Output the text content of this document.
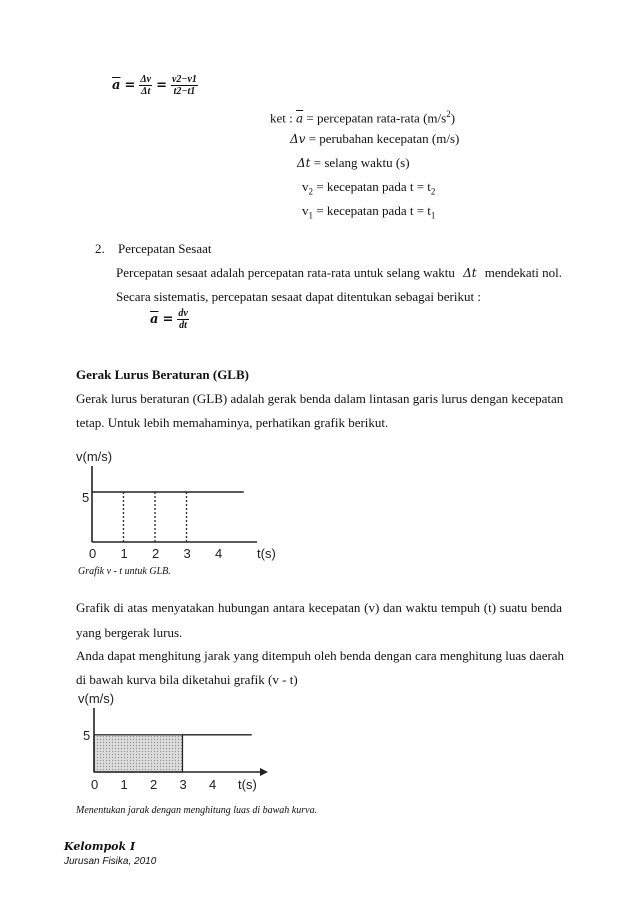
$\overline{a} = \frac{\Delta v}{\Delta t} = \frac{v2-v1}{t2-t1}$
ket : $\overline{a}$ = percepatan rata-rata $(m/s^2)$
Δv = perubahan kecepatan (m/s)
Δt = selang waktu (s)
$v_2$ = kecepatan pada $t = t_2$
$v_1$ = kecepatan pada $t = t_1$
2. Percepatan Sesaat
Percepatan sesaat adalah percepatan rata-rata untuk selang waktu Δt mendekati nol.
Secara sistematis, percepatan sesaat dapat ditentukan sebagai berikut :
$\overline{a} = \frac{dv}{dt}$
Gerak Lurus Beraturan (GLB)
Gerak lurus beraturan (GLB) adalah gerak benda dalam lintasan garis lurus dengan kecepatan
tetap. Untuk lebih memahaminya, perhatikan grafik berikut.
v(m/s)
5
0 1 2 3 4	t(s)
Grafik v - t untuk GLB.
Grafik di atas menyatakan hubungan antara kecepatan (v) dan waktu tempuh (t) suatu benda
yang bergerak lurus.
Anda dapat menghitung jarak yang ditempuh oleh benda dengan cara menghitung luas daerah
di bawah kurva bila diketahui grafik (v - t)
v(m/s)
5
0 1 2 3 4 t(s)
Menentukan jarak dengan menghitung luas di bawah kurva.
Kelompok I
Jurusan Fisika, 2010
